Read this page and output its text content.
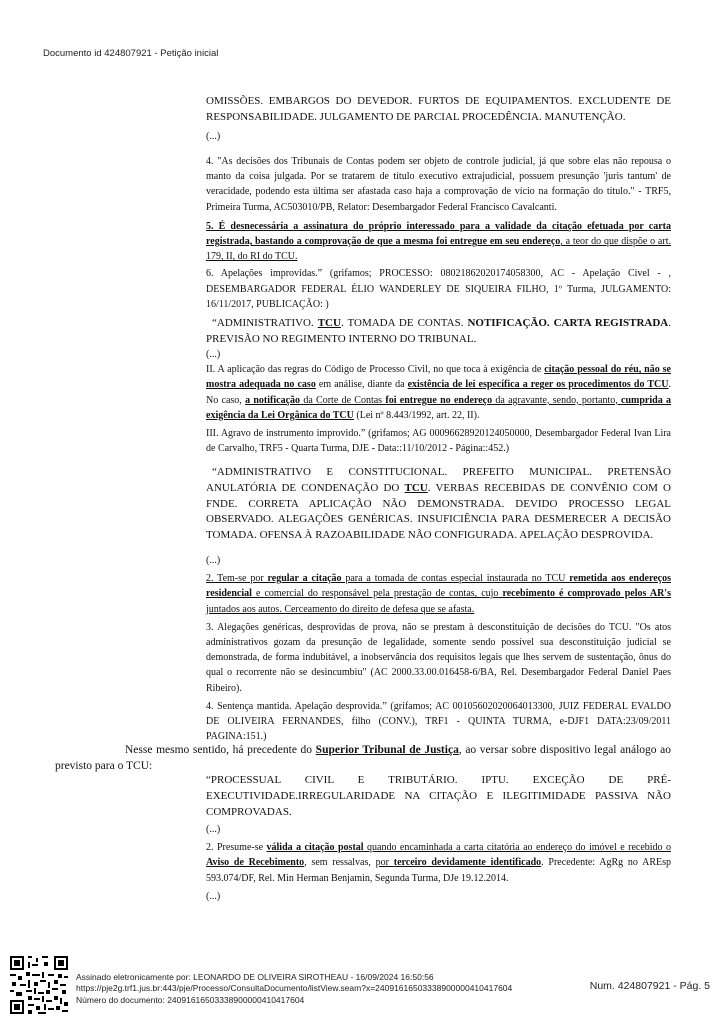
Documento id 424807921 - Petição inicial

OMISSÕES. EMBARGOS DO DEVEDOR. FURTOS DE EQUIPAMENTOS. EXCLUDENTE DE RESPONSABILIDADE. JULGAMENTO DE PARCIAL PROCEDÊNCIA. MANUTENÇÃO.

(...)

4. "As decisões dos Tribunais de Contas podem ser objeto de controle judicial, já que sobre elas não repousa o manto da coisa julgada. Por se tratarem de título executivo extrajudicial, possuem presunção 'juris tantum' de veracidade, podendo esta última ser afastada caso haja a comprovação de vício na formação do título." - TRF5, Primeira Turma, AC503010/PB, Relator: Desembargador Federal Francisco Cavalcanti.

5. É desnecessária a assinatura do próprio interessado para a validade da citação efetuada por carta registrada, bastando a comprovação de que a mesma foi entregue em seu endereço, a teor do que dispõe o art. 179, II, do RI do TCU.

6. Apelações improvidas.” (grifamos; PROCESSO: 08021862020174058300, AC - Apelação Civel - , DESEMBARGADOR FEDERAL ÉLIO WANDERLEY DE SIQUEIRA FILHO, 1º Turma, JULGAMENTO: 16/11/2017, PUBLICAÇÃO: )

“ADMINISTRATIVO. TCU. TOMADA DE CONTAS. NOTIFICAÇÃO. CARTA REGISTRADA. PREVISÃO NO REGIMENTO INTERNO DO TRIBUNAL.

(...)

II. A aplicação das regras do Código de Processo Civil, no que toca à exigência de citação pessoal do réu, não se mostra adequada no caso em análise, diante da existência de lei específica a reger os procedimentos do TCU. No caso, a notificação da Corte de Contas foi entregue no endereço da agravante, sendo, portanto, cumprida a exigência da Lei Orgânica do TCU (Lei nº 8.443/1992, art. 22, II).

III. Agravo de instrumento improvido.” (grifamos; AG 00096628920124050000, Desembargador Federal Ivan Lira de Carvalho, TRF5 - Quarta Turma, DJE - Data::11/10/2012 - Página::452.)

“ADMINISTRATIVO E CONSTITUCIONAL. PREFEITO MUNICIPAL. PRETENSÃO ANULATÓRIA DE CONDENAÇÃO DO TCU. VERBAS RECEBIDAS DE CONVÊNIO COM O FNDE. CORRETA APLICAÇÃO NÃO DEMONSTRADA. DEVIDO PROCESSO LEGAL OBSERVADO. ALEGAÇÕES GENÉRICAS. INSUFICIÊNCIA PARA DESMERECER A DECISÃO TOMADA. OFENSA À RAZOABILIDADE NÃO CONFIGURADA. APELAÇÃO DESPROVIDA.

(...)

2. Tem-se por regular a citação para a tomada de contas especial instaurada no TCU remetida aos endereços residencial e comercial do responsável pela prestação de contas, cujo recebimento é comprovado pelos AR's juntados aos autos. Cerceamento do direito de defesa que se afasta.

3. Alegações genéricas, desprovidas de prova, não se prestam à desconstituição de decisões do TCU. "Os atos administrativos gozam da presunção de legalidade, somente sendo possível sua desconstituição judicial se demonstrada, de forma indubitável, a inobservância dos requisitos legais que lhes servem de sustentação, ônus do qual o recorrente não se desincumbiu" (AC 2000.33.00.016458-6/BA, Rel. Desembargador Federal Daniel Paes Ribeiro).

4. Sentença mantida. Apelação desprovida.” (grifamos; AC 00105602020064013300, JUIZ FEDERAL EVALDO DE OLIVEIRA FERNANDES, filho (CONV.), TRF1 - QUINTA TURMA, e-DJF1 DATA:23/09/2011 PAGINA:151.)

Nesse mesmo sentido, há precedente do Superior Tribunal de Justiça, ao versar sobre dispositivo legal análogo ao previsto para o TCU:

“PROCESSUAL CIVIL E TRIBUTÁRIO. IPTU. EXCEÇÃO DE PRÉ-EXECUTIVIDADE.IRREGULARIDADE NA CITAÇÃO E ILEGITIMIDADE PASSIVA NÃO COMPROVADAS.

(...)

2. Presume-se válida a citação postal quando encaminhada a carta citatória ao endereço do imóvel e recebido o Aviso de Recebimento, sem ressalvas, por terceiro devidamente identificado. Precedente: AgRg no AREsp 593.074/DF, Rel. Min Herman Benjamin, Segunda Turma, DJe 19.12.2014.

(...)

Assinado eletronicamente por: LEONARDO DE OLIVEIRA SIROTHEAU - 16/09/2024 16:50:56
https://pje2g.trf1.jus.br:443/pje/Processo/ConsultaDocumento/listView.seam?x=24091616503338900000410417604
Número do documento: 24091616503338900000410417604
Num. 424807921 - Pág. 5
